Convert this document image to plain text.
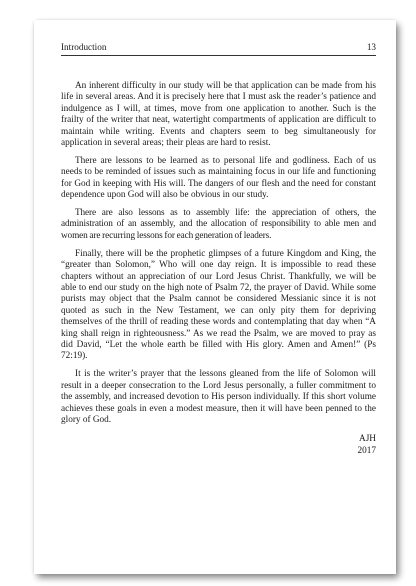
Introduction	13

An inherent difficulty in our study will be that application can be made from his life in several areas. And it is precisely here that I must ask the reader’s patience and indulgence as I will, at times, move from one application to another. Such is the frailty of the writer that neat, watertight compartments of application are difficult to maintain while writing. Events and chapters seem to beg simultaneously for application in several areas; their pleas are hard to resist.

There are lessons to be learned as to personal life and godliness. Each of us needs to be reminded of issues such as maintaining focus in our life and functioning for God in keeping with His will. The dangers of our flesh and the need for constant dependence upon God will also be obvious in our study.

There are also lessons as to assembly life: the appreciation of others, the administration of an assembly, and the allocation of responsibility to able men and women are recurring lessons for each generation of leaders.

Finally, there will be the prophetic glimpses of a future Kingdom and King, the “greater than Solomon,” Who will one day reign. It is impossible to read these chapters without an appreciation of our Lord Jesus Christ. Thankfully, we will be able to end our study on the high note of Psalm 72, the prayer of David. While some purists may object that the Psalm cannot be considered Messianic since it is not quoted as such in the New Testament, we can only pity them for depriving themselves of the thrill of reading these words and contemplating that day when “A king shall reign in righteousness.” As we read the Psalm, we are moved to pray as did David, “Let the whole earth be filled with His glory. Amen and Amen!” (Ps 72:19).

It is the writer’s prayer that the lessons gleaned from the life of Solomon will result in a deeper consecration to the Lord Jesus personally, a fuller commitment to the assembly, and increased devotion to His person individually. If this short volume achieves these goals in even a modest measure, then it will have been penned to the glory of God.

AJH
2017
